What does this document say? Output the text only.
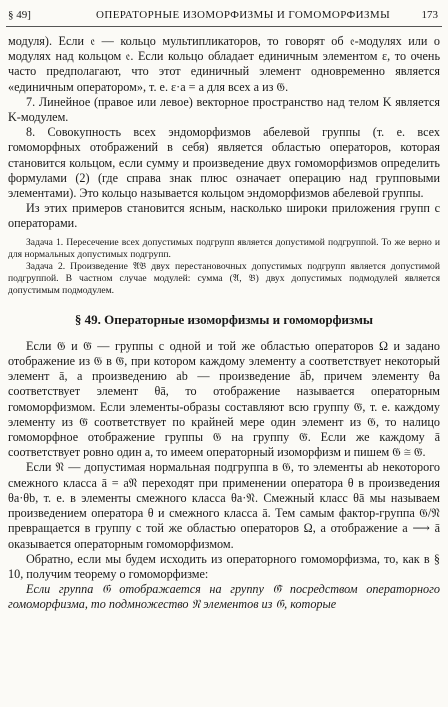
§ 49]	ОПЕРАТОРНЫЕ ИЗОМОРФИЗМЫ И ГОМОМОРФИЗМЫ	173

модуля). Если 𝔢 — кольцо мультипликаторов, то говорят об 𝔢-модулях или о модулях над кольцом 𝔢. Если кольцо обладает единичным элементом ε, то очень часто предполагают, что этот единичный элемент одновременно является «единичным оператором», т. е. ε·a = a для всех a из 𝔊.

7. Линейное (правое или левое) векторное пространство над телом K является K-модулем.

8. Совокупность всех эндоморфизмов абелевой группы (т. е. всех гомоморфных отображений в себя) является областью операторов, которая становится кольцом, если сумму и произведение двух гомоморфизмов определить формулами (2) (где справа знак плюс означает операцию над групповыми элементами). Это кольцо называется кольцом эндоморфизмов абелевой группы.

Из этих примеров становится ясным, насколько широки приложения групп с операторами.

Задача 1. Пересечение всех допустимых подгрупп является допустимой подгруппой. То же верно и для нормальных допустимых подгрупп.

Задача 2. Произведение 𝔄𝔅 двух перестановочных допустимых подгрупп является допустимой подгруппой. В частном случае модулей: сумма (𝔄, 𝔅) двух допустимых подмодулей является допустимым подмодулем.

§ 49. Операторные изоморфизмы и гомоморфизмы

Если 𝔊 и 𝔊̄ — группы с одной и той же областью операторов Ω и задано отображение из 𝔊 в 𝔊̄, при котором каждому элементу a соответствует некоторый элемент ā, а произведению ab — произведение āb̄, причем элементу θa соответствует элемент θā, то отображение называется операторным гомоморфизмом. Если элементы-образы составляют всю группу 𝔊̄, т. е. каждому элементу из 𝔊̄ соответствует по крайней мере один элемент из 𝔊, то налицо гомоморфное отображение группы 𝔊 на группу 𝔊̄. Если же каждому ā соответствует ровно один a, то имеем операторный изоморфизм и пишем 𝔊 ≅ 𝔊̄.

Если 𝔑 — допустимая нормальная подгруппа в 𝔊, то элементы ab некоторого смежного класса ā = a𝔑 переходят при применении оператора θ в произведения θa·θb, т. е. в элементы смежного класса θa·𝔑. Смежный класс θā мы называем произведением оператора θ и смежного класса ā. Тем самым фактор-группа 𝔊/𝔑 превращается в группу с той же областью операторов Ω, а отображение a ⟶ ā оказывается операторным гомоморфизмом.

Обратно, если мы будем исходить из операторного гомоморфизма, то, как в § 10, получим теорему о гомоморфизме:

Если группа 𝔊 отображается на группу 𝔊̄ посредством операторного гомоморфизма, то подмножество 𝔑 элементов из 𝔊, которые
